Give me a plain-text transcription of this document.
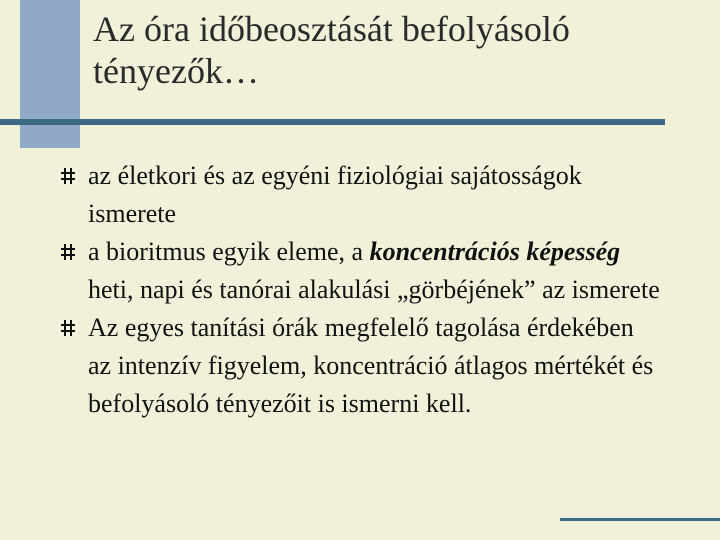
Az óra időbeosztását befolyásoló tényezők…
az életkori és az egyéni fiziológiai sajátosságok ismerete
a bioritmus egyik eleme, a koncentrációs képesség heti, napi és tanórai alakulási „görbéjének” az ismerete
Az egyes tanítási órák megfelelő tagolása érdekében az intenzív figyelem, koncentráció átlagos mértékét és befolyásoló tényezőit is ismerni kell.
